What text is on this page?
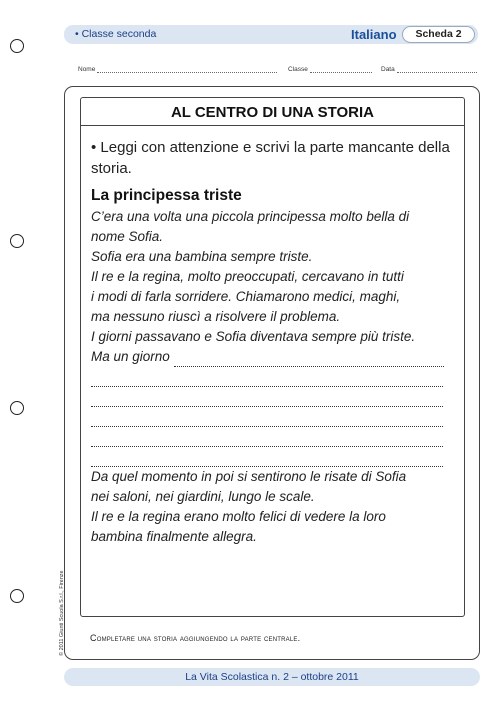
• Classe seconda	Italiano	Scheda 2
Nome	Classe	Data
AL CENTRO DI UNA STORIA
• Leggi con attenzione e scrivi la parte mancante della storia.
La principessa triste

C’era una volta una piccola principessa molto bella di

nome Sofia.

Sofia era una bambina sempre triste.

Il re e la regina, molto preoccupati, cercavano in tutti

i modi di farla sorridere. Chiamarono medici, maghi,

ma nessuno riuscì a risolvere il problema.

I giorni passavano e Sofia diventava sempre più triste.

Ma un giorno

Da quel momento in poi si sentirono le risate di Sofia

nei saloni, nei giardini, lungo le scale.

Il re e la regina erano molto felici di vedere la loro

bambina finalmente allegra.

Completare una storia aggiungendo la parte centrale.
© 2011 Giunti Scuola S.r.l., Firenze
La Vita Scolastica n. 2 – ottobre 2011
